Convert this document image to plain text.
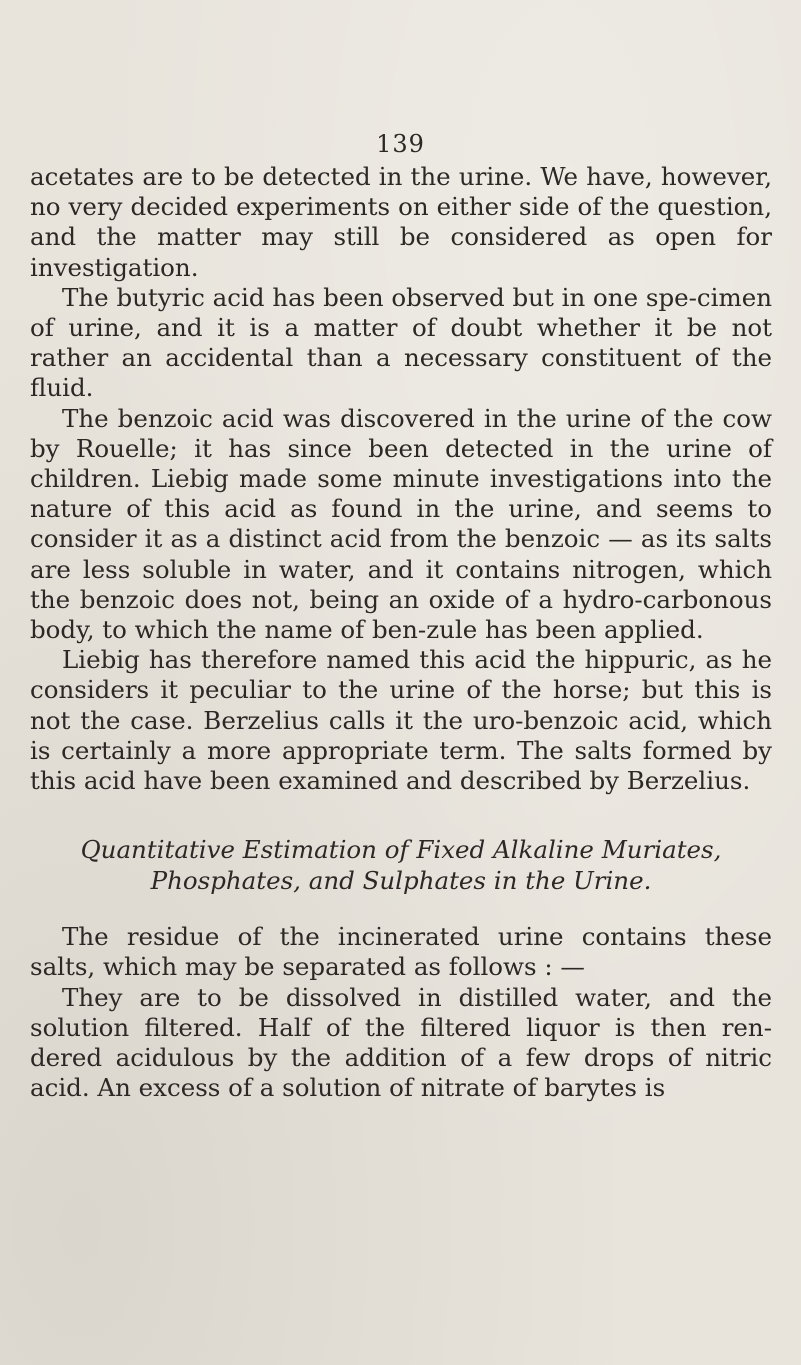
139

acetates are to be detected in the urine. We have, however, no very decided experiments on either side of the question, and the matter may still be considered as open for investigation.

The butyric acid has been observed but in one spe-cimen of urine, and it is a matter of doubt whether it be not rather an accidental than a necessary constituent of the fluid.

The benzoic acid was discovered in the urine of the cow by Rouelle; it has since been detected in the urine of children. Liebig made some minute investigations into the nature of this acid as found in the urine, and seems to consider it as a distinct acid from the benzoic — as its salts are less soluble in water, and it contains nitrogen, which the benzoic does not, being an oxide of a hydro-carbonous body, to which the name of ben-zule has been applied.

Liebig has therefore named this acid the hippuric, as he considers it peculiar to the urine of the horse; but this is not the case. Berzelius calls it the uro-benzoic acid, which is certainly a more appropriate term. The salts formed by this acid have been examined and described by Berzelius.

Quantitative Estimation of Fixed Alkaline Muriates,
Phosphates, and Sulphates in the Urine.

The residue of the incinerated urine contains these salts, which may be separated as follows : —

They are to be dissolved in distilled water, and the solution filtered. Half of the filtered liquor is then ren-dered acidulous by the addition of a few drops of nitric acid. An excess of a solution of nitrate of barytes is
